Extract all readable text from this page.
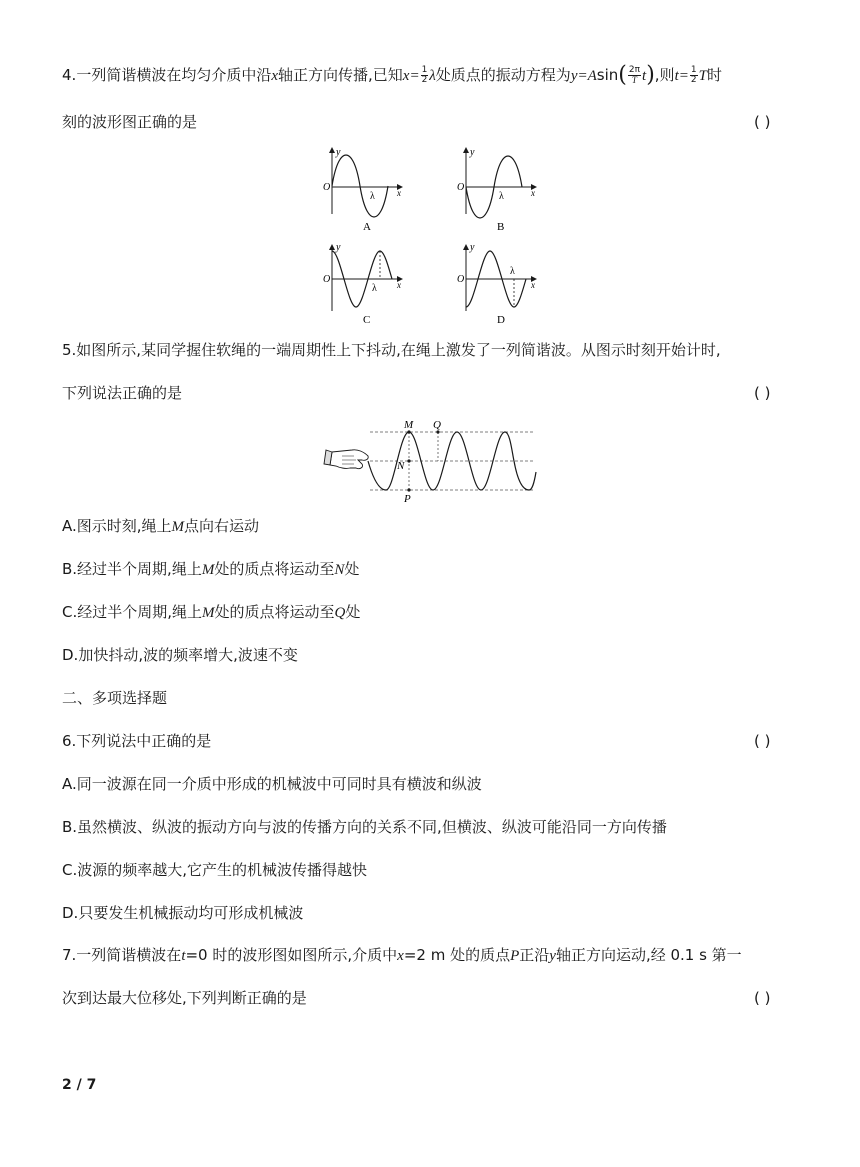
4.一列简谐横波在均匀介质中沿x轴正方向传播,已知$x= \frac{1}{2}$ λ处质点的振动方程为$y=Asin( \frac{2\pi}{T} t)$,则$t= \frac{1}{2}$ T时
刻的波形图正确的是	( )
y
O
λ x
A
y
O
λ	x
B
y
O
λ x
C
y
O
λ
x
D
5.如图所示,某同学握住软绳的一端周期性上下抖动,在绳上激发了一列简谐波。从图示时刻开始计时,
下列说法正确的是	( )
M Q
N
P
A.图示时刻,绳上M点向右运动
B.经过半个周期,绳上M处的质点将运动至N处
C.经过半个周期,绳上M处的质点将运动至Q处
D.加快抖动,波的频率增大,波速不变
二、多项选择题
6.下列说法中正确的是	( )
A.同一波源在同一介质中形成的机械波中可同时具有横波和纵波
B.虽然横波、纵波的振动方向与波的传播方向的关系不同,但横波、纵波可能沿同一方向传播
C.波源的频率越大,它产生的机械波传播得越快
D.只要发生机械振动均可形成机械波
7.一列简谐横波在t=0 时的波形图如图所示,介质中x=2 m 处的质点P正沿y轴正方向运动,经 0.1 s 第一
次到达最大位移处,下列判断正确的是	( )
2 / 7
